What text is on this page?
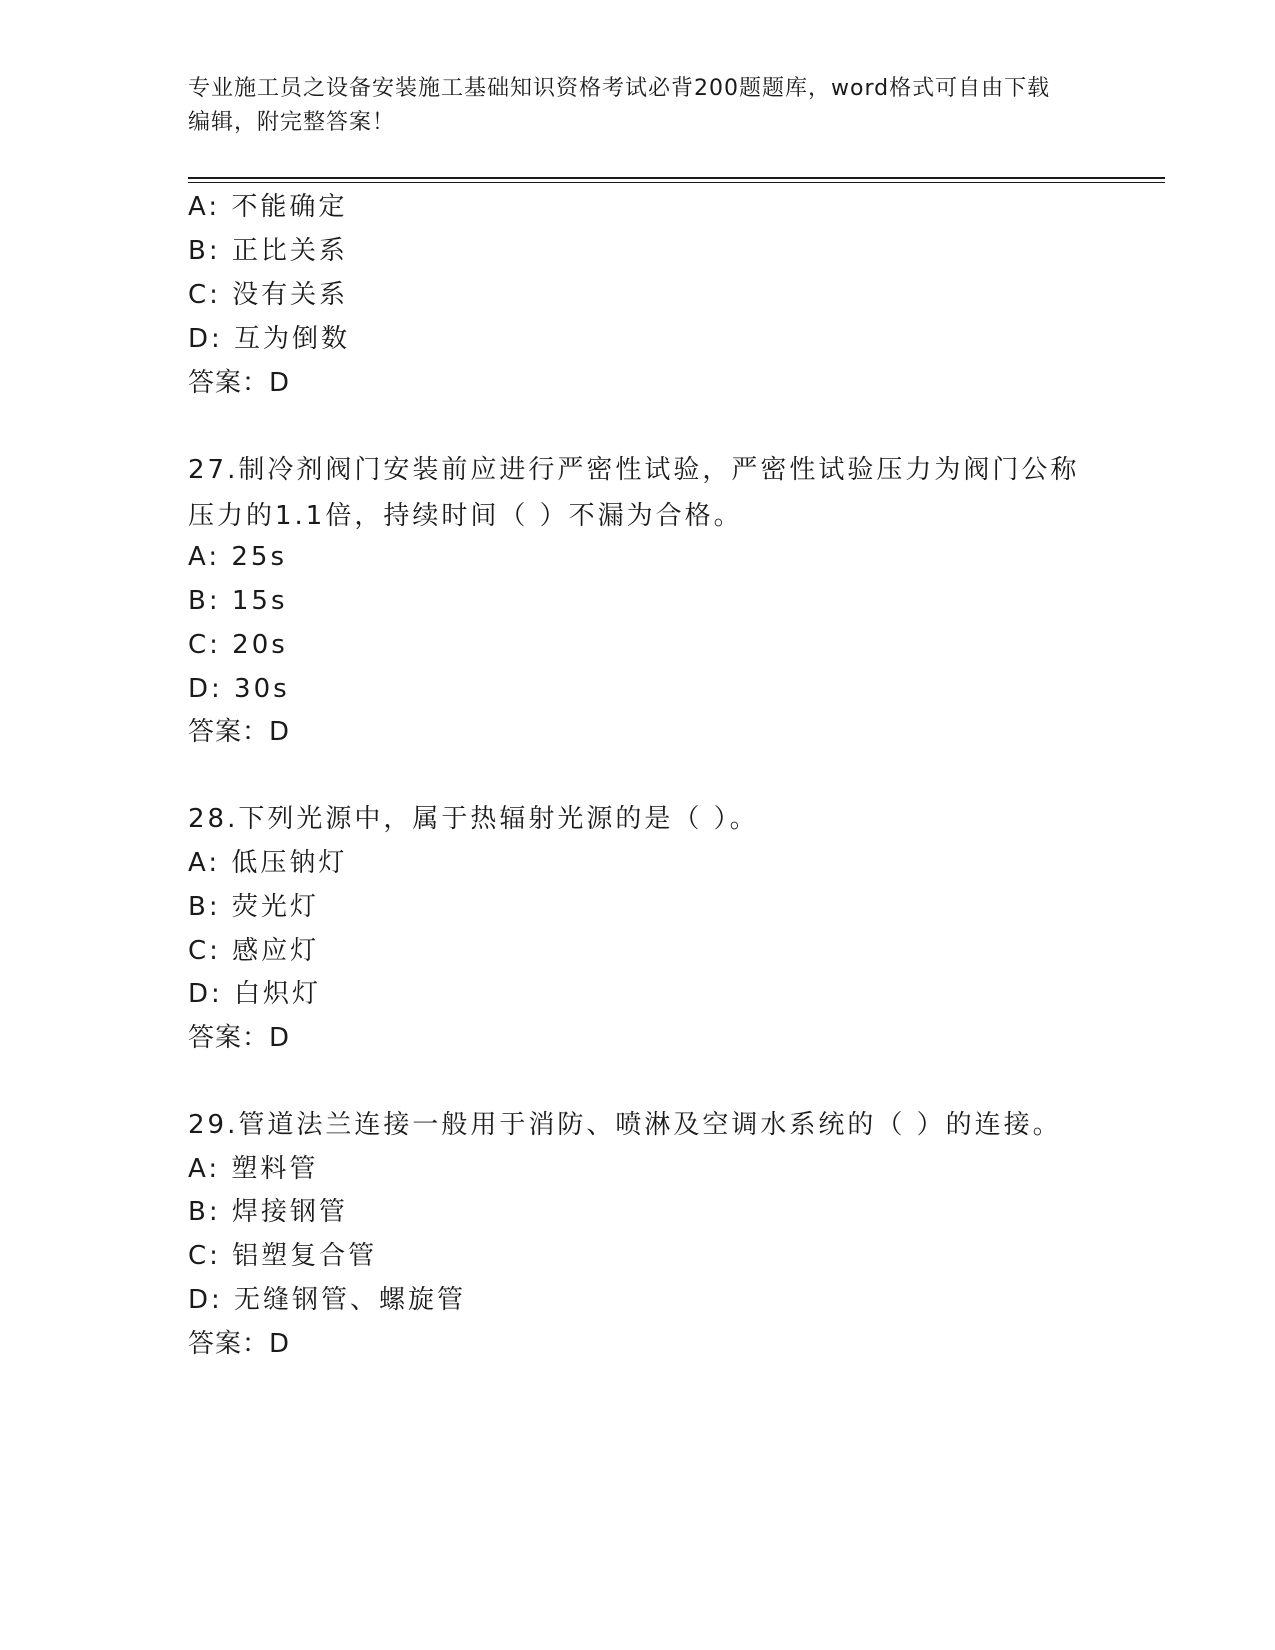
专业施工员之设备安装施工基础知识资格考试必背200题题库，word格式可自由下载编辑，附完整答案！
A: 不能确定
B: 正比关系
C: 没有关系
D: 互为倒数
答案：D
27.制冷剂阀门安装前应进行严密性试验，严密性试验压力为阀门公称压力的1.1倍，持续时间（ ）不漏为合格。
A: 25s
B: 15s
C: 20s
D: 30s
答案：D
28.下列光源中，属于热辐射光源的是（ ）。
A: 低压钠灯
B: 荧光灯
C: 感应灯
D: 白炽灯
答案：D
29.管道法兰连接一般用于消防、喷淋及空调水系统的（ ）的连接。
A: 塑料管
B: 焊接钢管
C: 铝塑复合管
D: 无缝钢管、螺旋管
答案：D
